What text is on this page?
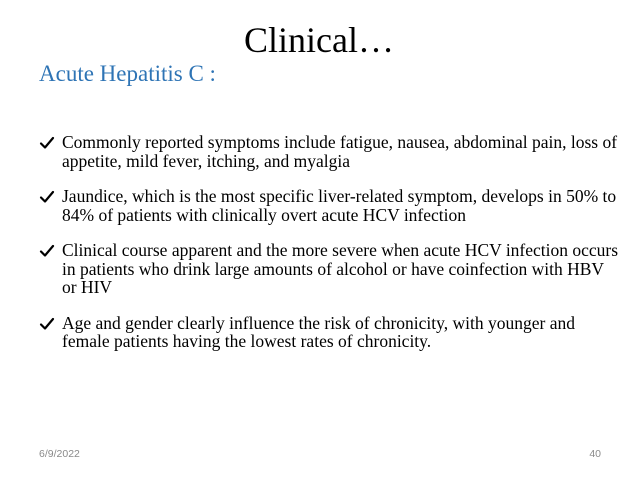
Clinical…
Acute Hepatitis C :
Commonly reported symptoms include fatigue, nausea, abdominal pain, loss of appetite, mild fever, itching, and myalgia
Jaundice, which is the most specific liver-related symptom, develops in 50% to 84% of patients with clinically overt acute HCV infection
Clinical course apparent and the more severe when acute HCV infection occurs in patients who drink large amounts of alcohol or have coinfection with HBV or HIV
Age and gender clearly influence the risk of chronicity, with younger and female patients having the lowest rates of chronicity.
6/9/2022	40
